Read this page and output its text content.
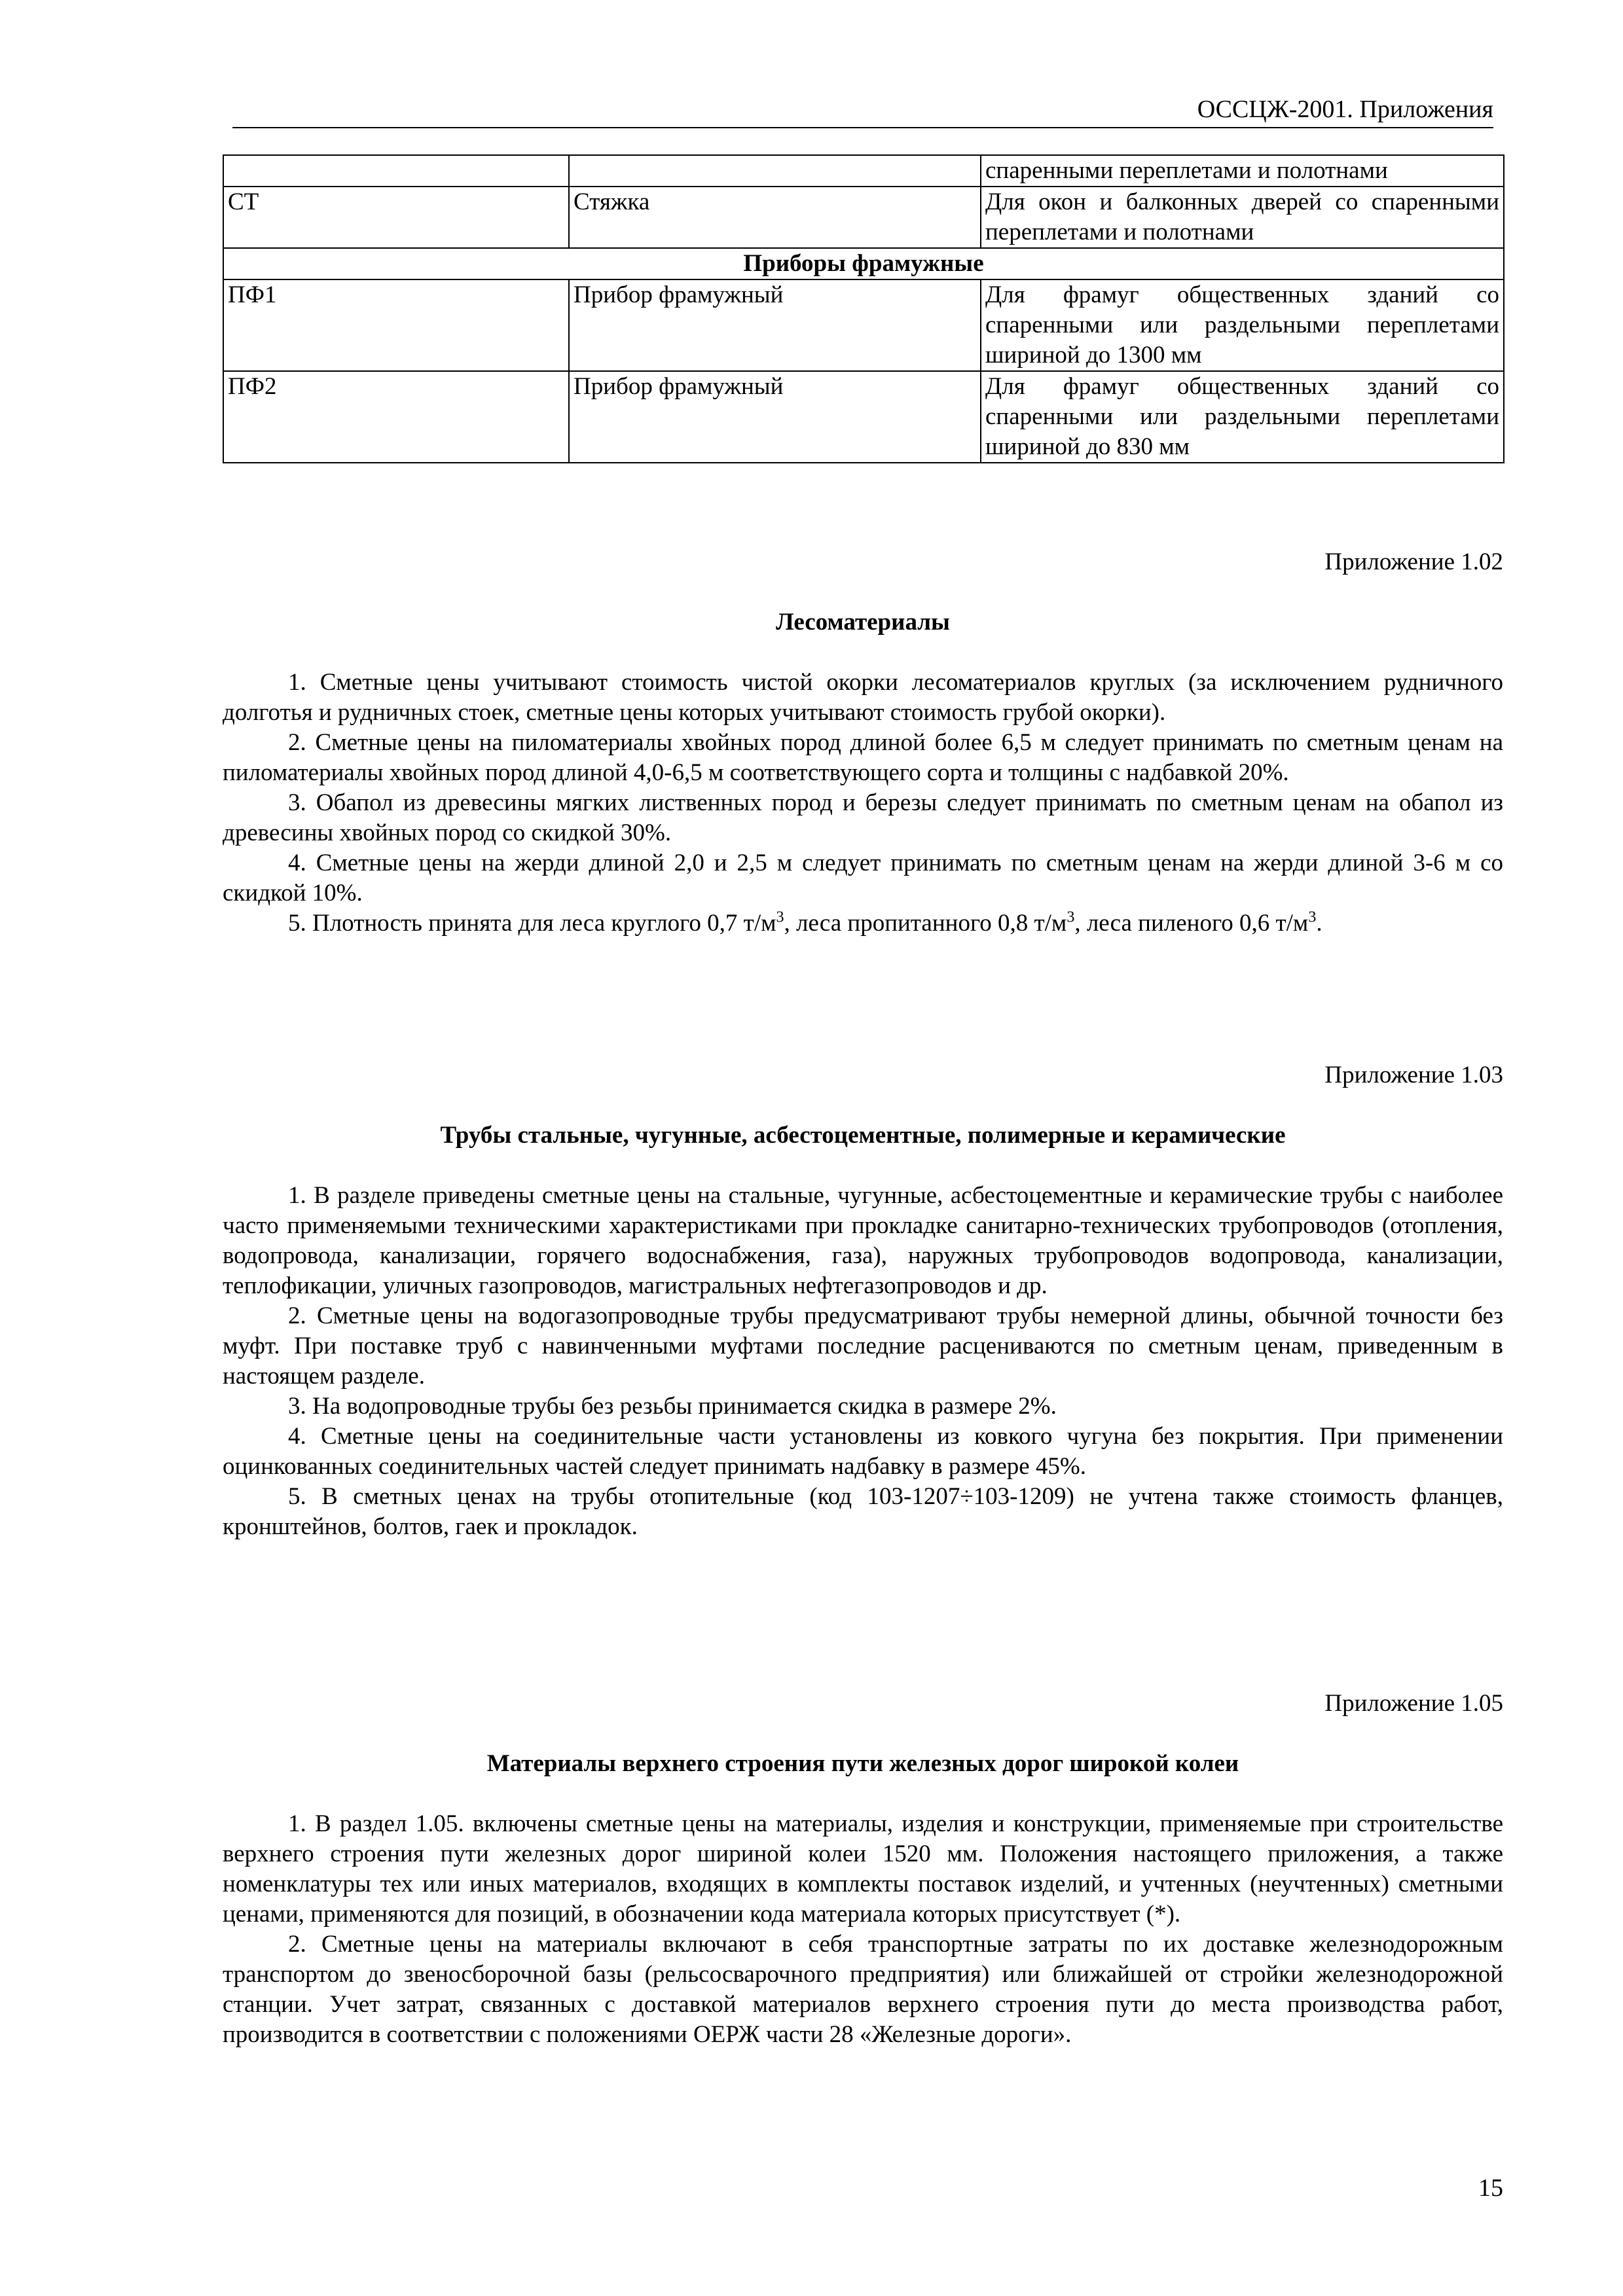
ОССЦЖ-2001. Приложения
		спаренными переплетами и полотнами
СТ	Стяжка	Для окон и балконных дверей со спаренными переплетами и полотнами
Приборы фрамужные		
ПФ1	Прибор фрамужный	Для фрамуг общественных зданий со спаренными или раздельными переплетами шириной до 1300 мм
ПФ2	Прибор фрамужный	Для фрамуг общественных зданий со спаренными или раздельными переплетами шириной до 830 мм

Приложение 1.02

Лесоматериалы

1. Сметные цены учитывают стоимость чистой окорки лесоматериалов круглых (за исключением рудничного долготья и рудничных стоек, сметные цены которых учитывают стоимость грубой окорки).

2. Сметные цены на пиломатериалы хвойных пород длиной более 6,5 м следует принимать по сметным ценам на пиломатериалы хвойных пород длиной 4,0-6,5 м соответствующего сорта и толщины с надбавкой 20%.

3. Обапол из древесины мягких лиственных пород и березы следует принимать по сметным ценам на обапол из древесины хвойных пород со скидкой 30%.

4. Сметные цены на жерди длиной 2,0 и 2,5 м следует принимать по сметным ценам на жерди длиной 3-6 м со скидкой 10%.

5. Плотность принята для леса круглого 0,7 $т/м^3$, леса пропитанного 0,8 $т/м^3$, леса пиленого 0,6 $т/м^3$.

Приложение 1.03

Трубы стальные, чугунные, асбестоцементные, полимерные и керамические

1. В разделе приведены сметные цены на стальные, чугунные, асбестоцементные и керамические трубы с наиболее часто применяемыми техническими характеристиками при прокладке санитарно-технических трубопроводов (отопления, водопровода, канализации, горячего водоснабжения, газа), наружных трубопроводов водопровода, канализации, теплофикации, уличных газопроводов, магистральных нефтегазопроводов и др.

2. Сметные цены на водогазопроводные трубы предусматривают трубы немерной длины, обычной точности без муфт. При поставке труб с навинченными муфтами последние расцениваются по сметным ценам, приведенным в настоящем разделе.

3. На водопроводные трубы без резьбы принимается скидка в размере 2%.

4. Сметные цены на соединительные части установлены из ковкого чугуна без покрытия. При применении оцинкованных соединительных частей следует принимать надбавку в размере 45%.

5. В сметных ценах на трубы отопительные (код 103-1207÷103-1209) не учтена также стоимость фланцев, кронштейнов, болтов, гаек и прокладок.

Приложение 1.05

Материалы верхнего строения пути железных дорог широкой колеи

1. В раздел 1.05. включены сметные цены на материалы, изделия и конструкции, применяемые при строительстве верхнего строения пути железных дорог шириной колеи 1520 мм. Положения настоящего приложения, а также номенклатуры тех или иных материалов, входящих в комплекты поставок изделий, и учтенных (неучтенных) сметными ценами, применяются для позиций, в обозначении кода материала которых присутствует (*).

2. Сметные цены на материалы включают в себя транспортные затраты по их доставке железнодорожным транспортом до звеносборочной базы (рельсосварочного предприятия) или ближайшей от стройки железнодорожной станции. Учет затрат, связанных с доставкой материалов верхнего строения пути до места производства работ, производится в соответствии с положениями ОЕРЖ части 28 «Железные дороги».

15
